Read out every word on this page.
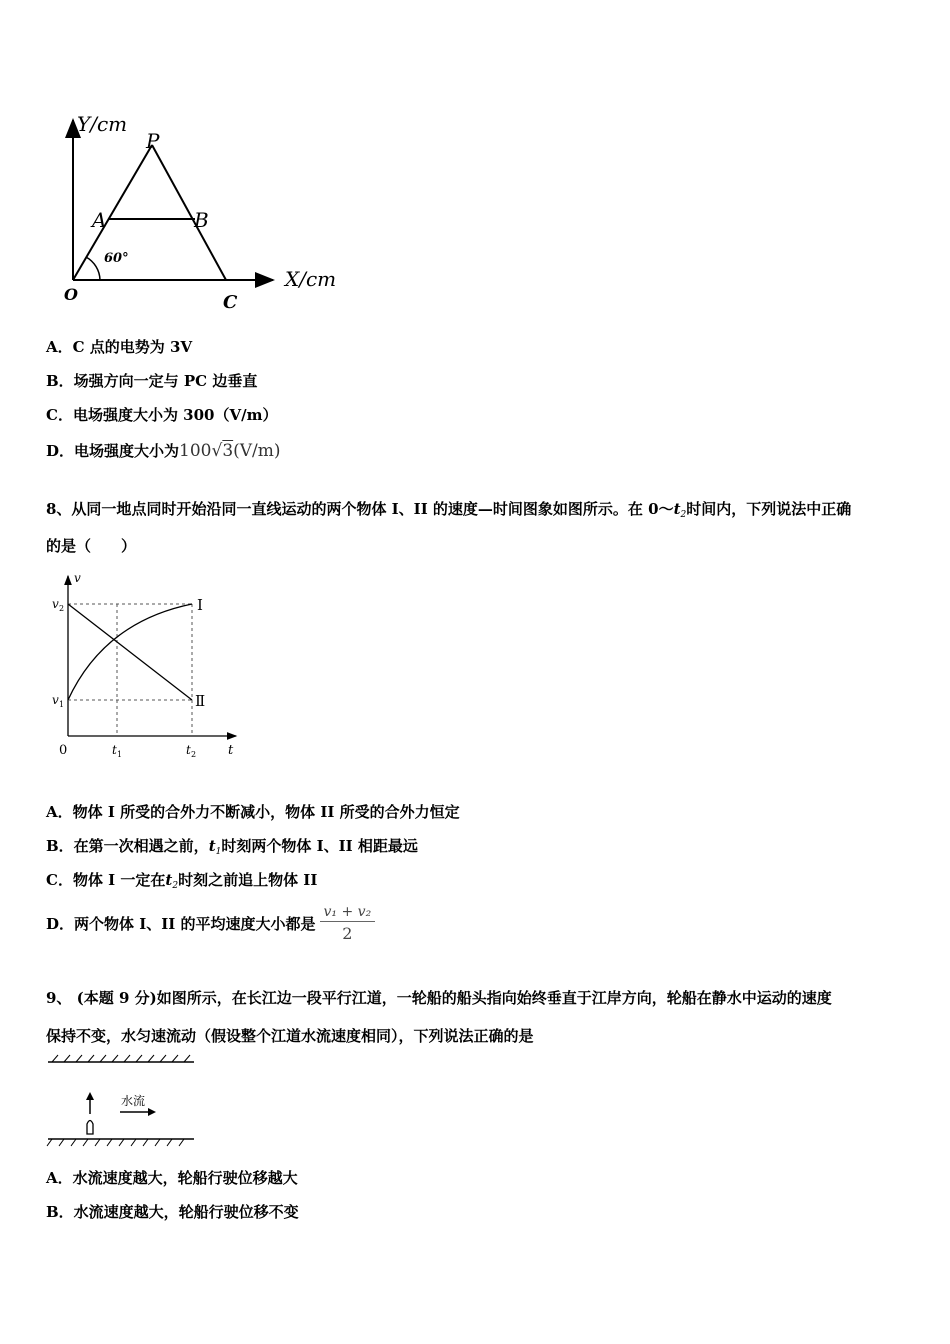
Y/cm
X/cm
O
P
A	B
C
60°
A．C 点的电势为 3V
B．场强方向一定与 PC 边垂直
C．电场强度大小为 300（V/m）
D．电场强度大小为100√3(V/m)
8、从同一地点同时开始沿同一直线运动的两个物体 I、II 的速度—时间图象如图所示。在 $0\sim t_2$时间内，下列说法中正确
的是（　　）
v
t
0
v 2
v 1
t 1	t 2
I
Ⅱ
A．物体 I 所受的合外力不断减小，物体 II 所受的合外力恒定
B．在第一次相遇之前，$t_1$时刻两个物体 I、II 相距最远
C．物体 I 一定在$t_2$时刻之前追上物体 II
D．两个物体 I、II 的平均速度大小都是 $\frac{\text{v₁ + v₂}}{2}$
9、 (本题 9 分)如图所示，在长江边一段平行江道，一轮船的船头指向始终垂直于江岸方向，轮船在静水中运动的速度
保持不变，水匀速流动（假设整个江道水流速度相同），下列说法正确的是
水流
A．水流速度越大，轮船行驶位移越大
B．水流速度越大，轮船行驶位移不变
